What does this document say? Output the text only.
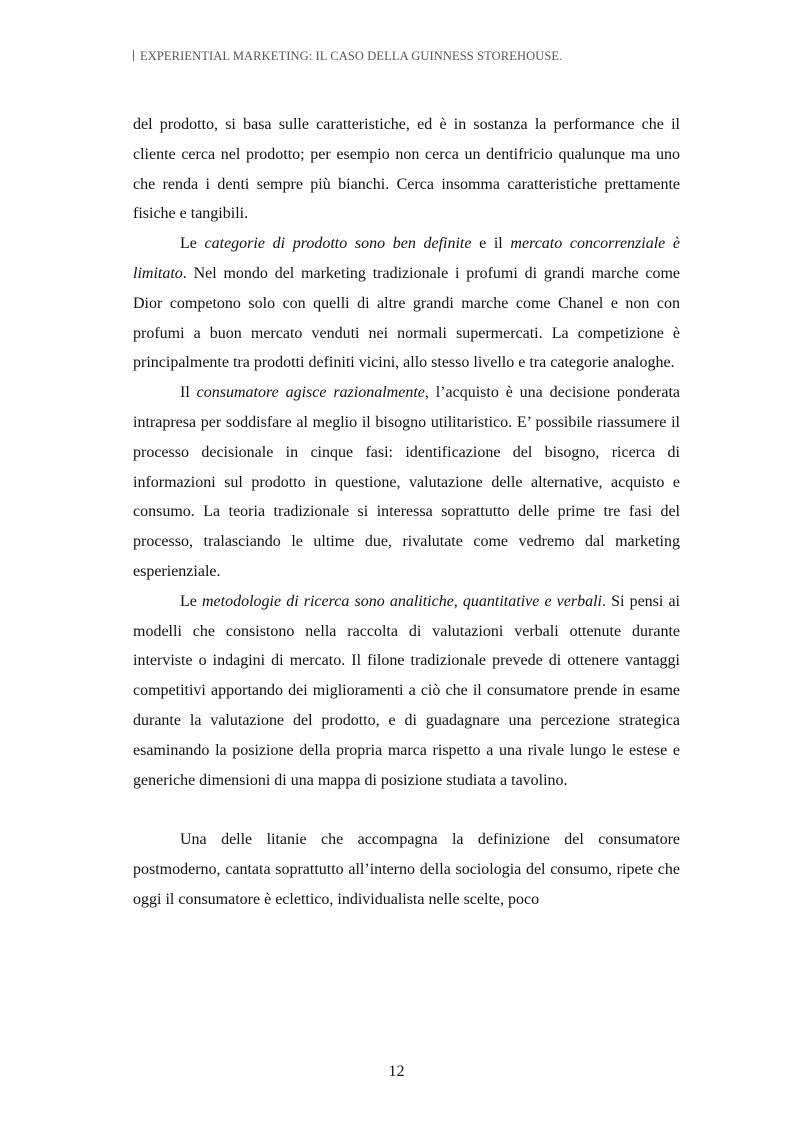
EXPERIENTIAL MARKETING: IL CASO DELLA GUINNESS STOREHOUSE.

del prodotto, si basa sulle caratteristiche, ed è in sostanza la performance che il cliente cerca nel prodotto; per esempio non cerca un dentifricio qualunque ma uno che renda i denti sempre più bianchi. Cerca insomma caratteristiche prettamente fisiche e tangibili.

Le categorie di prodotto sono ben definite e il mercato concorrenziale è limitato. Nel mondo del marketing tradizionale i profumi di grandi marche come Dior competono solo con quelli di altre grandi marche come Chanel e non con profumi a buon mercato venduti nei normali supermercati. La competizione è principalmente tra prodotti definiti vicini, allo stesso livello e tra categorie analoghe.

Il consumatore agisce razionalmente, l’acquisto è una decisione ponderata intrapresa per soddisfare al meglio il bisogno utilitaristico. E’ possibile riassumere il processo decisionale in cinque fasi: identificazione del bisogno, ricerca di informazioni sul prodotto in questione, valutazione delle alternative, acquisto e consumo. La teoria tradizionale si interessa soprattutto delle prime tre fasi del processo, tralasciando le ultime due, rivalutate come vedremo dal marketing esperienziale.

Le metodologie di ricerca sono analitiche, quantitative e verbali. Si pensi ai modelli che consistono nella raccolta di valutazioni verbali ottenute durante interviste o indagini di mercato. Il filone tradizionale prevede di ottenere vantaggi competitivi apportando dei miglioramenti a ciò che il consumatore prende in esame durante la valutazione del prodotto, e di guadagnare una percezione strategica esaminando la posizione della propria marca rispetto a una rivale lungo le estese e generiche dimensioni di una mappa di posizione studiata a tavolino.

Una delle litanie che accompagna la definizione del consumatore postmoderno, cantata soprattutto all’interno della sociologia del consumo, ripete che oggi il consumatore è eclettico, individualista nelle scelte, poco

12
